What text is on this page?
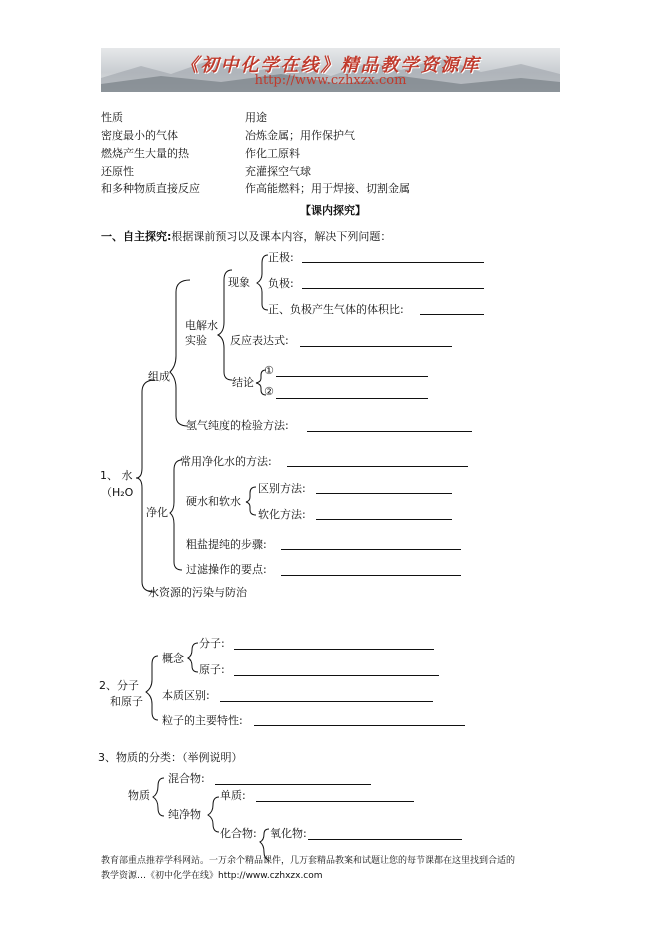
《初中化学在线》精品教学资源库
http://www.czhxzx.com
性质	用途
密度最小的气体	冶炼金属；用作保护气
燃烧产生大量的热	作化工原料
还原性	充灌探空气球
和多种物质直接反应	作高能燃料；用于焊接、切割金属
【课内探究】
一、自主探究:根据课前预习以及课本内容，解决下列问题：
1、 水
（H₂O
组成
电解水
实验
现象
正极:
负极:
正、负极产生气体的体积比:
反应表达式:
结论
①
②
氢气纯度的检验方法:
净化
常用净化水的方法:
硬水和软水
区别方法:
软化方法:
粗盐提纯的步骤:
过滤操作的要点:
水资源的污染与防治
2、分子
和原子
概念
分子:
原子:
本质区别:
粒子的主要特性:
3、物质的分类：（举例说明）
物质
混合物:
纯净物
单质:
化合物: 氧化物:
教育部重点推荐学科网站。一万余个精品课件，几万套精品教案和试题让您的每节课都在这里找到合适的
教学资源…《初中化学在线》http://www.czhxzx.com
